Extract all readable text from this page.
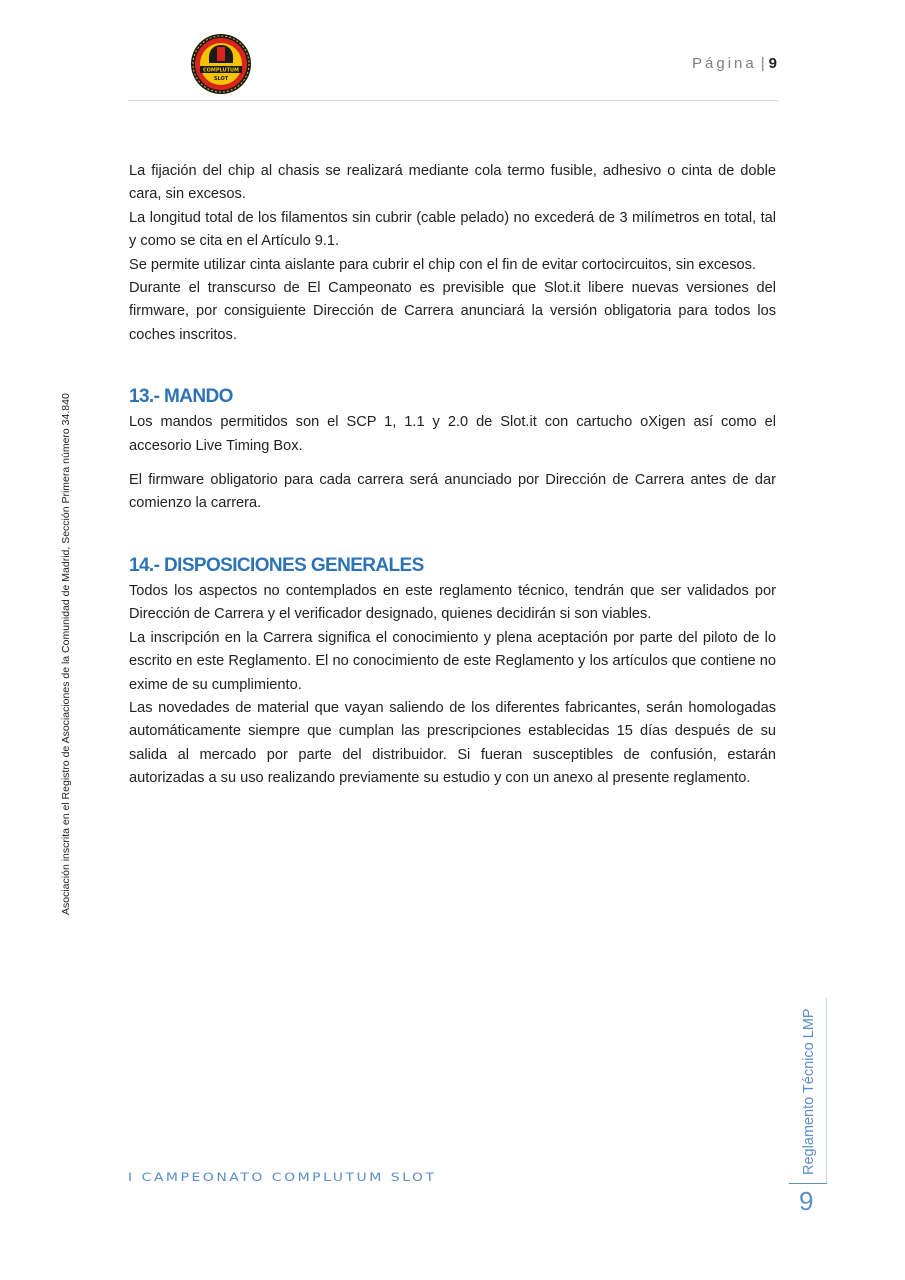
COMPLUTUM
SLOT
Página | 9
Asociación inscrita en el Registro de Asociaciones de la Comunidad de Madrid, Sección Primera número 34.840

La fijación del chip al chasis se realizará mediante cola termo fusible, adhesivo o cinta de doble cara, sin excesos.

La longitud total de los filamentos sin cubrir (cable pelado) no excederá de 3 milímetros en total, tal y como se cita en el Artículo 9.1.

Se permite utilizar cinta aislante para cubrir el chip con el fin de evitar cortocircuitos, sin excesos.

Durante el transcurso de El Campeonato es previsible que Slot.it libere nuevas versiones del firmware, por consiguiente Dirección de Carrera anunciará la versión obligatoria para todos los coches inscritos.

13.- MANDO

Los mandos permitidos son el SCP 1, 1.1 y 2.0 de Slot.it con cartucho oXigen así como el accesorio Live Timing Box.

El firmware obligatorio para cada carrera será anunciado por Dirección de Carrera antes de dar comienzo la carrera.

14.- DISPOSICIONES GENERALES

Todos los aspectos no contemplados en este reglamento técnico, tendrán que ser validados por Dirección de Carrera y el verificador designado, quienes decidirán si son viables.

La inscripción en la Carrera significa el conocimiento y plena aceptación por parte del piloto de lo escrito en este Reglamento. El no conocimiento de este Reglamento y los artículos que contiene no exime de su cumplimiento.

Las novedades de material que vayan saliendo de los diferentes fabricantes, serán homologadas automáticamente siempre que cumplan las prescripciones establecidas 15 días después de su salida al mercado por parte del distribuidor. Si fueran susceptibles de confusión, estarán autorizadas a su uso realizando previamente su estudio y con un anexo al presente reglamento.

I CAMPEONATO COMPLUTUM SLOT
Reglamento Técnico LMP
9
